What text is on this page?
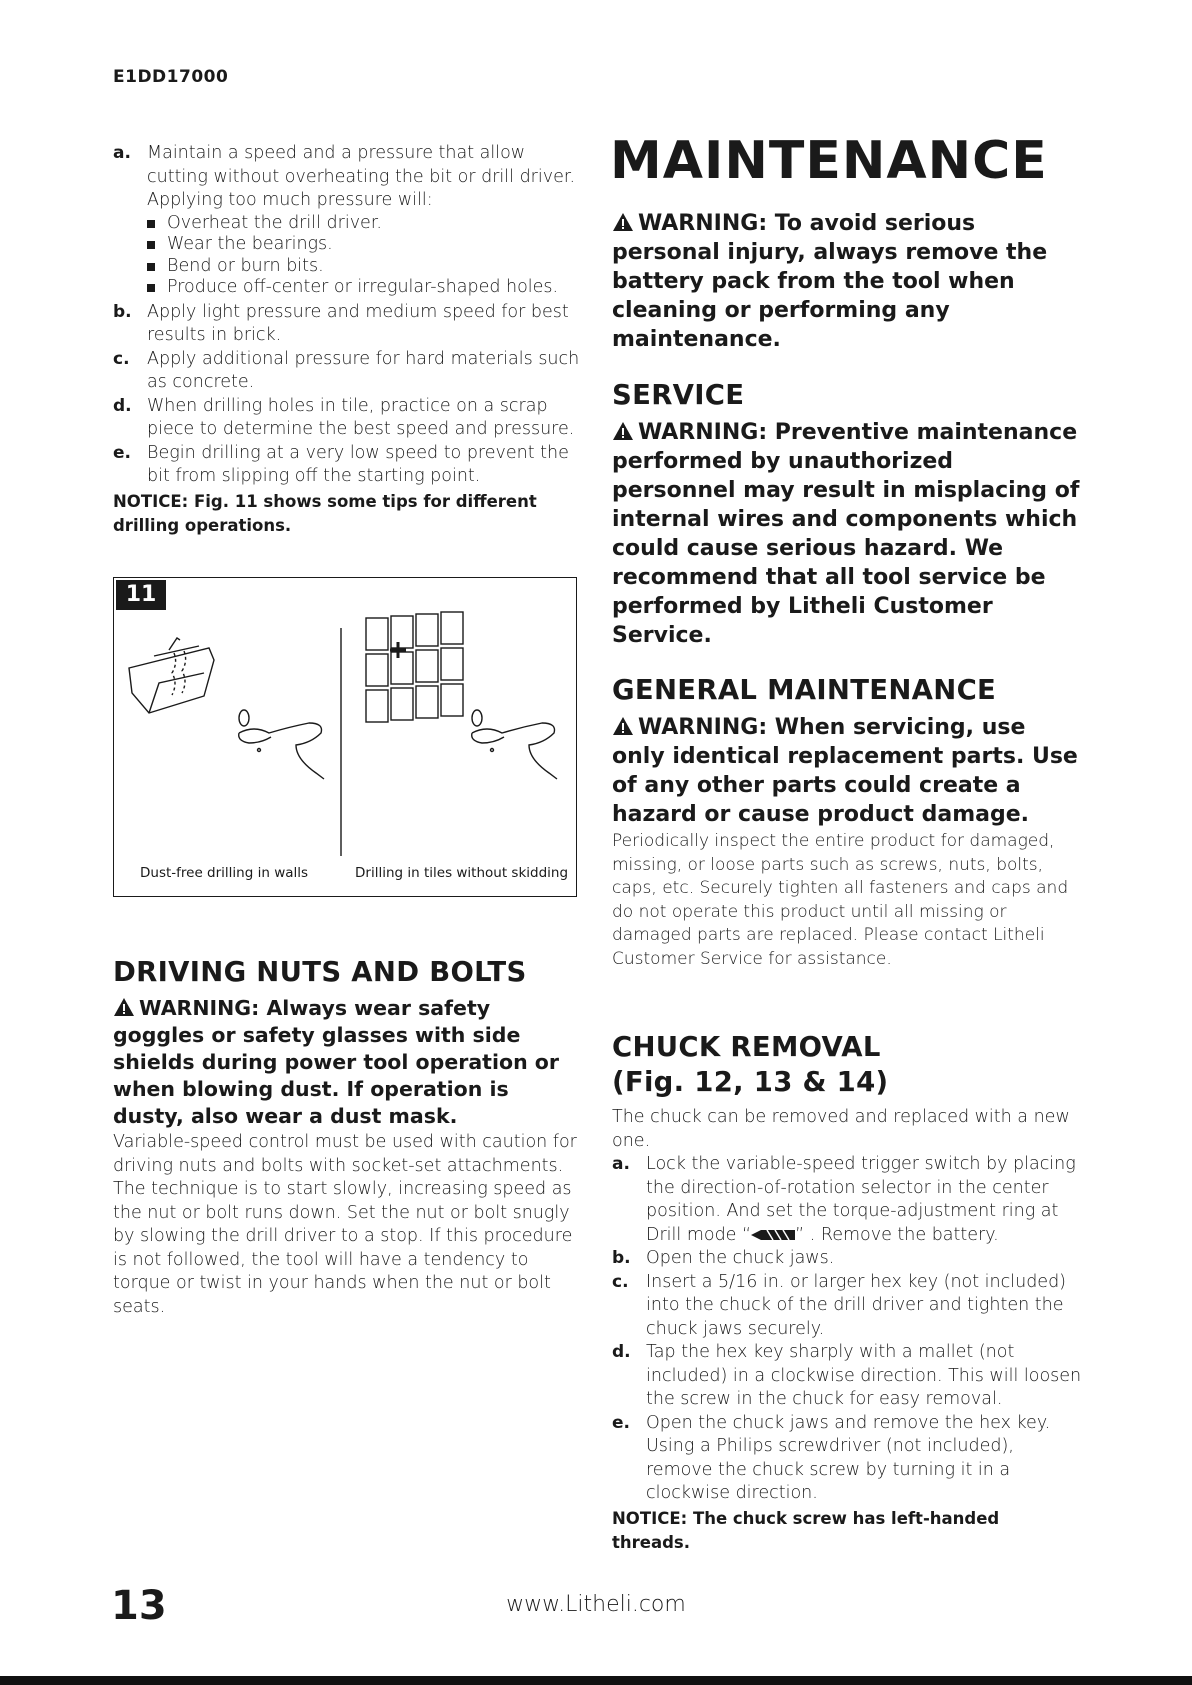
E1DD17000
a. Maintain a speed and a pressure that allow cutting without overheating the bit or drill driver. Applying too much pressure will:
Overheat the drill driver.
Wear the bearings.
Bend or burn bits.
Produce off-center or irregular-shaped holes.
b. Apply light pressure and medium speed for best results in brick.
c. Apply additional pressure for hard materials such as concrete.
d. When drilling holes in tile, practice on a scrap piece to determine the best speed and pressure.
e. Begin drilling at a very low speed to prevent the bit from slipping off the starting point.
NOTICE: Fig. 11 shows some tips for different drilling operations.
11
Dust-free drilling in walls	Drilling in tiles without skidding
DRIVING NUTS AND BOLTS
WARNING: Always wear safety goggles or safety glasses with side shields during power tool operation or when blowing dust. If operation is dusty, also wear a dust mask.
Variable-speed control must be used with caution for driving nuts and bolts with socket-set attachments. The technique is to start slowly, increasing speed as the nut or bolt runs down. Set the nut or bolt snugly by slowing the drill driver to a stop. If this procedure is not followed, the tool will have a tendency to torque or twist in your hands when the nut or bolt seats.
MAINTENANCE
WARNING: To avoid serious personal injury, always remove the battery pack from the tool when cleaning or performing any maintenance.
SERVICE
WARNING: Preventive maintenance performed by unauthorized personnel may result in misplacing of internal wires and components which could cause serious hazard. We recommend that all tool service be performed by Litheli Customer Service.
GENERAL MAINTENANCE
WARNING: When servicing, use only identical replacement parts. Use of any other parts could create a hazard or cause product damage.
Periodically inspect the entire product for damaged, missing, or loose parts such as screws, nuts, bolts, caps, etc. Securely tighten all fasteners and caps and do not operate this product until all missing or damaged parts are replaced. Please contact Litheli Customer Service for assistance.
CHUCK REMOVAL
(Fig. 12, 13 & 14)
The chuck can be removed and replaced with a new one.
a. Lock the variable-speed trigger switch by placing the direction-of-rotation selector in the center position. And set the torque-adjustment ring at Drill mode “	” . Remove the battery.
b. Open the chuck jaws.
c. Insert a 5/16 in. or larger hex key (not included) into the chuck of the drill driver and tighten the chuck jaws securely.
d. Tap the hex key sharply with a mallet (not included) in a clockwise direction. This will loosen the screw in the chuck for easy removal.
e. Open the chuck jaws and remove the hex key. Using a Philips screwdriver (not included), remove the chuck screw by turning it in a clockwise direction.
NOTICE: The chuck screw has left-handed threads.
13	www.Litheli.com
